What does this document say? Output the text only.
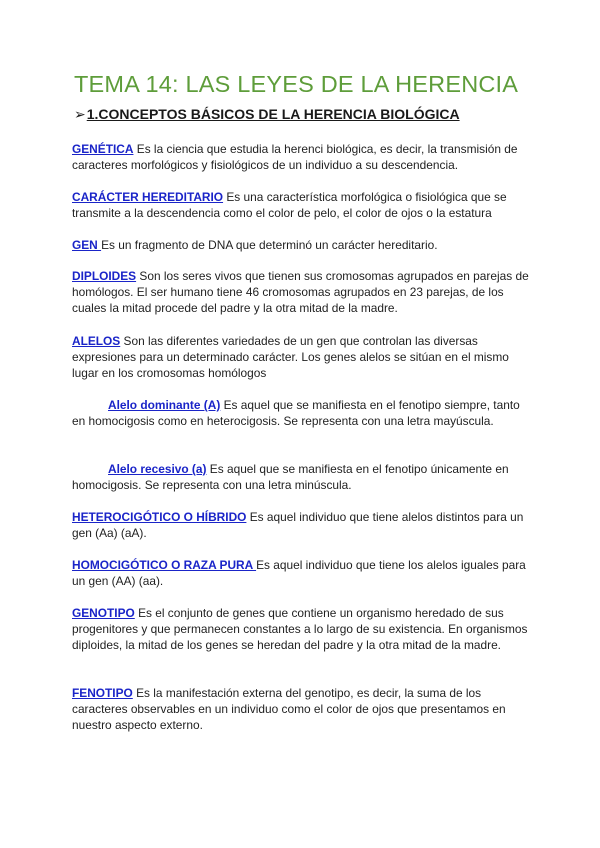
TEMA 14: LAS LEYES DE LA HERENCIA
➢1.CONCEPTOS BÁSICOS DE LA HERENCIA BIOLÓGICA
GENÉTICA Es la ciencia que estudia la herenci biológica, es decir, la transmisión de caracteres morfológicos y fisiológicos de un individuo a su descendencia.
CARÁCTER HEREDITARIO Es una característica morfológica o fisiológica que se transmite a la descendencia como el color de pelo, el color de ojos o la estatura
GEN Es un fragmento de DNA que determinó un carácter hereditario.
DIPLOIDES Son los seres vivos que tienen sus cromosomas agrupados en parejas de homólogos. El ser humano tiene 46 cromosomas agrupados en 23 parejas, de los cuales la mitad procede del padre y la otra mitad de la madre.
ALELOS Son las diferentes variedades de un gen que controlan las diversas expresiones para un determinado carácter. Los genes alelos se sitúan en el mismo lugar en los cromosomas homólogos
Alelo dominante (A) Es aquel que se manifiesta en el fenotipo siempre, tanto en homocigosis como en heterocigosis. Se representa con una letra mayúscula.
Alelo recesivo (a) Es aquel que se manifiesta en el fenotipo únicamente en homocigosis. Se representa con una letra minúscula.
HETEROCIGÓTICO O HÍBRIDO Es aquel individuo que tiene alelos distintos para un gen (Aa) (aA).
HOMOCIGÓTICO O RAZA PURA Es aquel individuo que tiene los alelos iguales para un gen (AA) (aa).
GENOTIPO Es el conjunto de genes que contiene un organismo heredado de sus progenitores y que permanecen constantes a lo largo de su existencia. En organismos diploides, la mitad de los genes se heredan del padre y la otra mitad de la madre.
FENOTIPO Es la manifestación externa del genotipo, es decir, la suma de los caracteres observables en un individuo como el color de ojos que presentamos en nuestro aspecto externo.
